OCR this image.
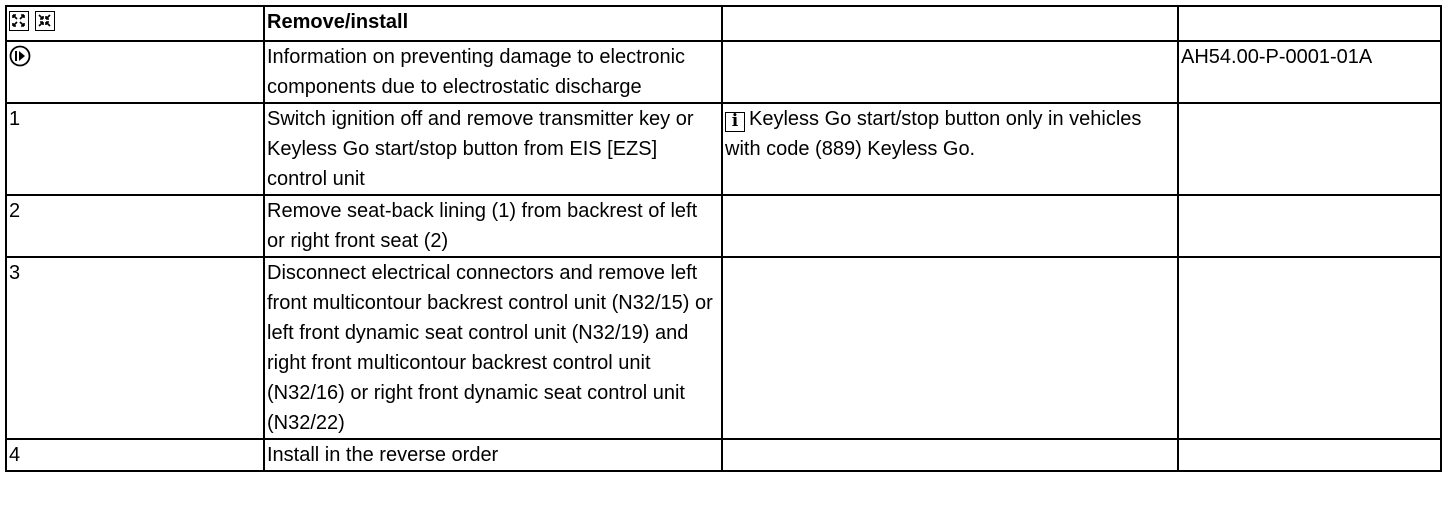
	Remove/install		
	Information on preventing damage to electronic components due to electrostatic discharge		AH54.00-P-0001-01A
1	Switch ignition off and remove transmitter key or Keyless Go start/stop button from EIS [EZS] control unit	i Keyless Go start/stop button only in vehicles with code (889) Keyless Go.	
2	Remove seat-back lining (1) from backrest of left or right front seat (2)		
3	Disconnect electrical connectors and remove left front multicontour backrest control unit (N32/15) or left front dynamic seat control unit (N32/19) and right front multicontour backrest control unit (N32/16) or right front dynamic seat control unit (N32/22)		
4	Install in the reverse order		
